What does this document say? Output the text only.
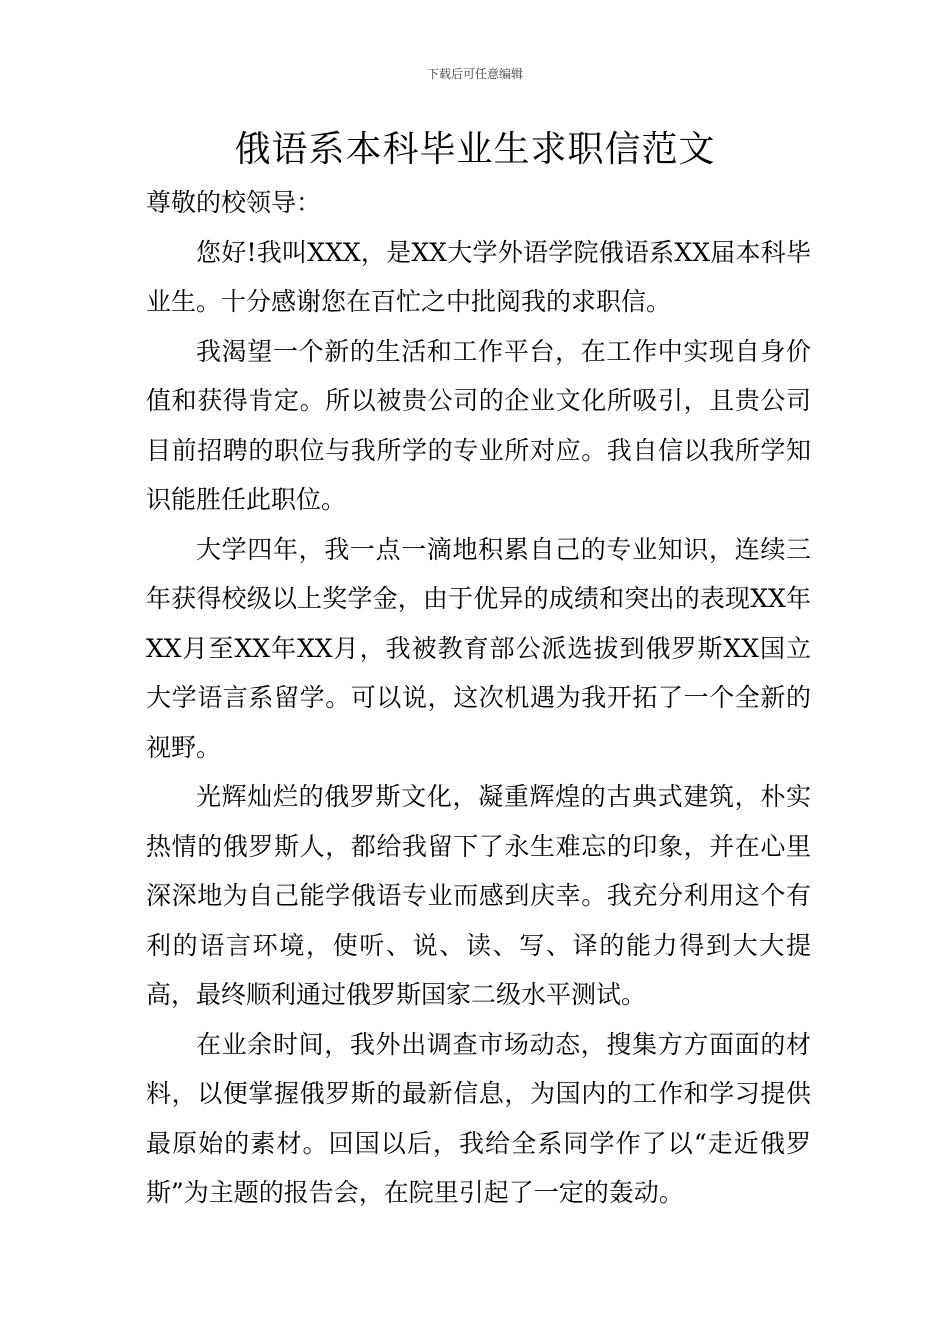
下载后可任意编辑
俄语系本科毕业生求职信范文

尊敬的校领导：

您好!我叫XXX，是XX大学外语学院俄语系XX届本科毕业生。十分感谢您在百忙之中批阅我的求职信。

我渴望一个新的生活和工作平台，在工作中实现自身价值和获得肯定。所以被贵公司的企业文化所吸引，且贵公司目前招聘的职位与我所学的专业所对应。我自信以我所学知识能胜任此职位。

大学四年，我一点一滴地积累自己的专业知识，连续三年获得校级以上奖学金，由于优异的成绩和突出的表现XX年XX月至XX年XX月，我被教育部公派选拔到俄罗斯XX国立大学语言系留学。可以说，这次机遇为我开拓了一个全新的视野。

光辉灿烂的俄罗斯文化，凝重辉煌的古典式建筑，朴实热情的俄罗斯人，都给我留下了永生难忘的印象，并在心里深深地为自己能学俄语专业而感到庆幸。我充分利用这个有利的语言环境，使听、说、读、写、译的能力得到大大提高，最终顺利通过俄罗斯国家二级水平测试。

在业余时间，我外出调查市场动态，搜集方方面面的材料，以便掌握俄罗斯的最新信息，为国内的工作和学习提供最原始的素材。回国以后，我给全系同学作了以“走近俄罗斯”为主题的报告会，在院里引起了一定的轰动。
